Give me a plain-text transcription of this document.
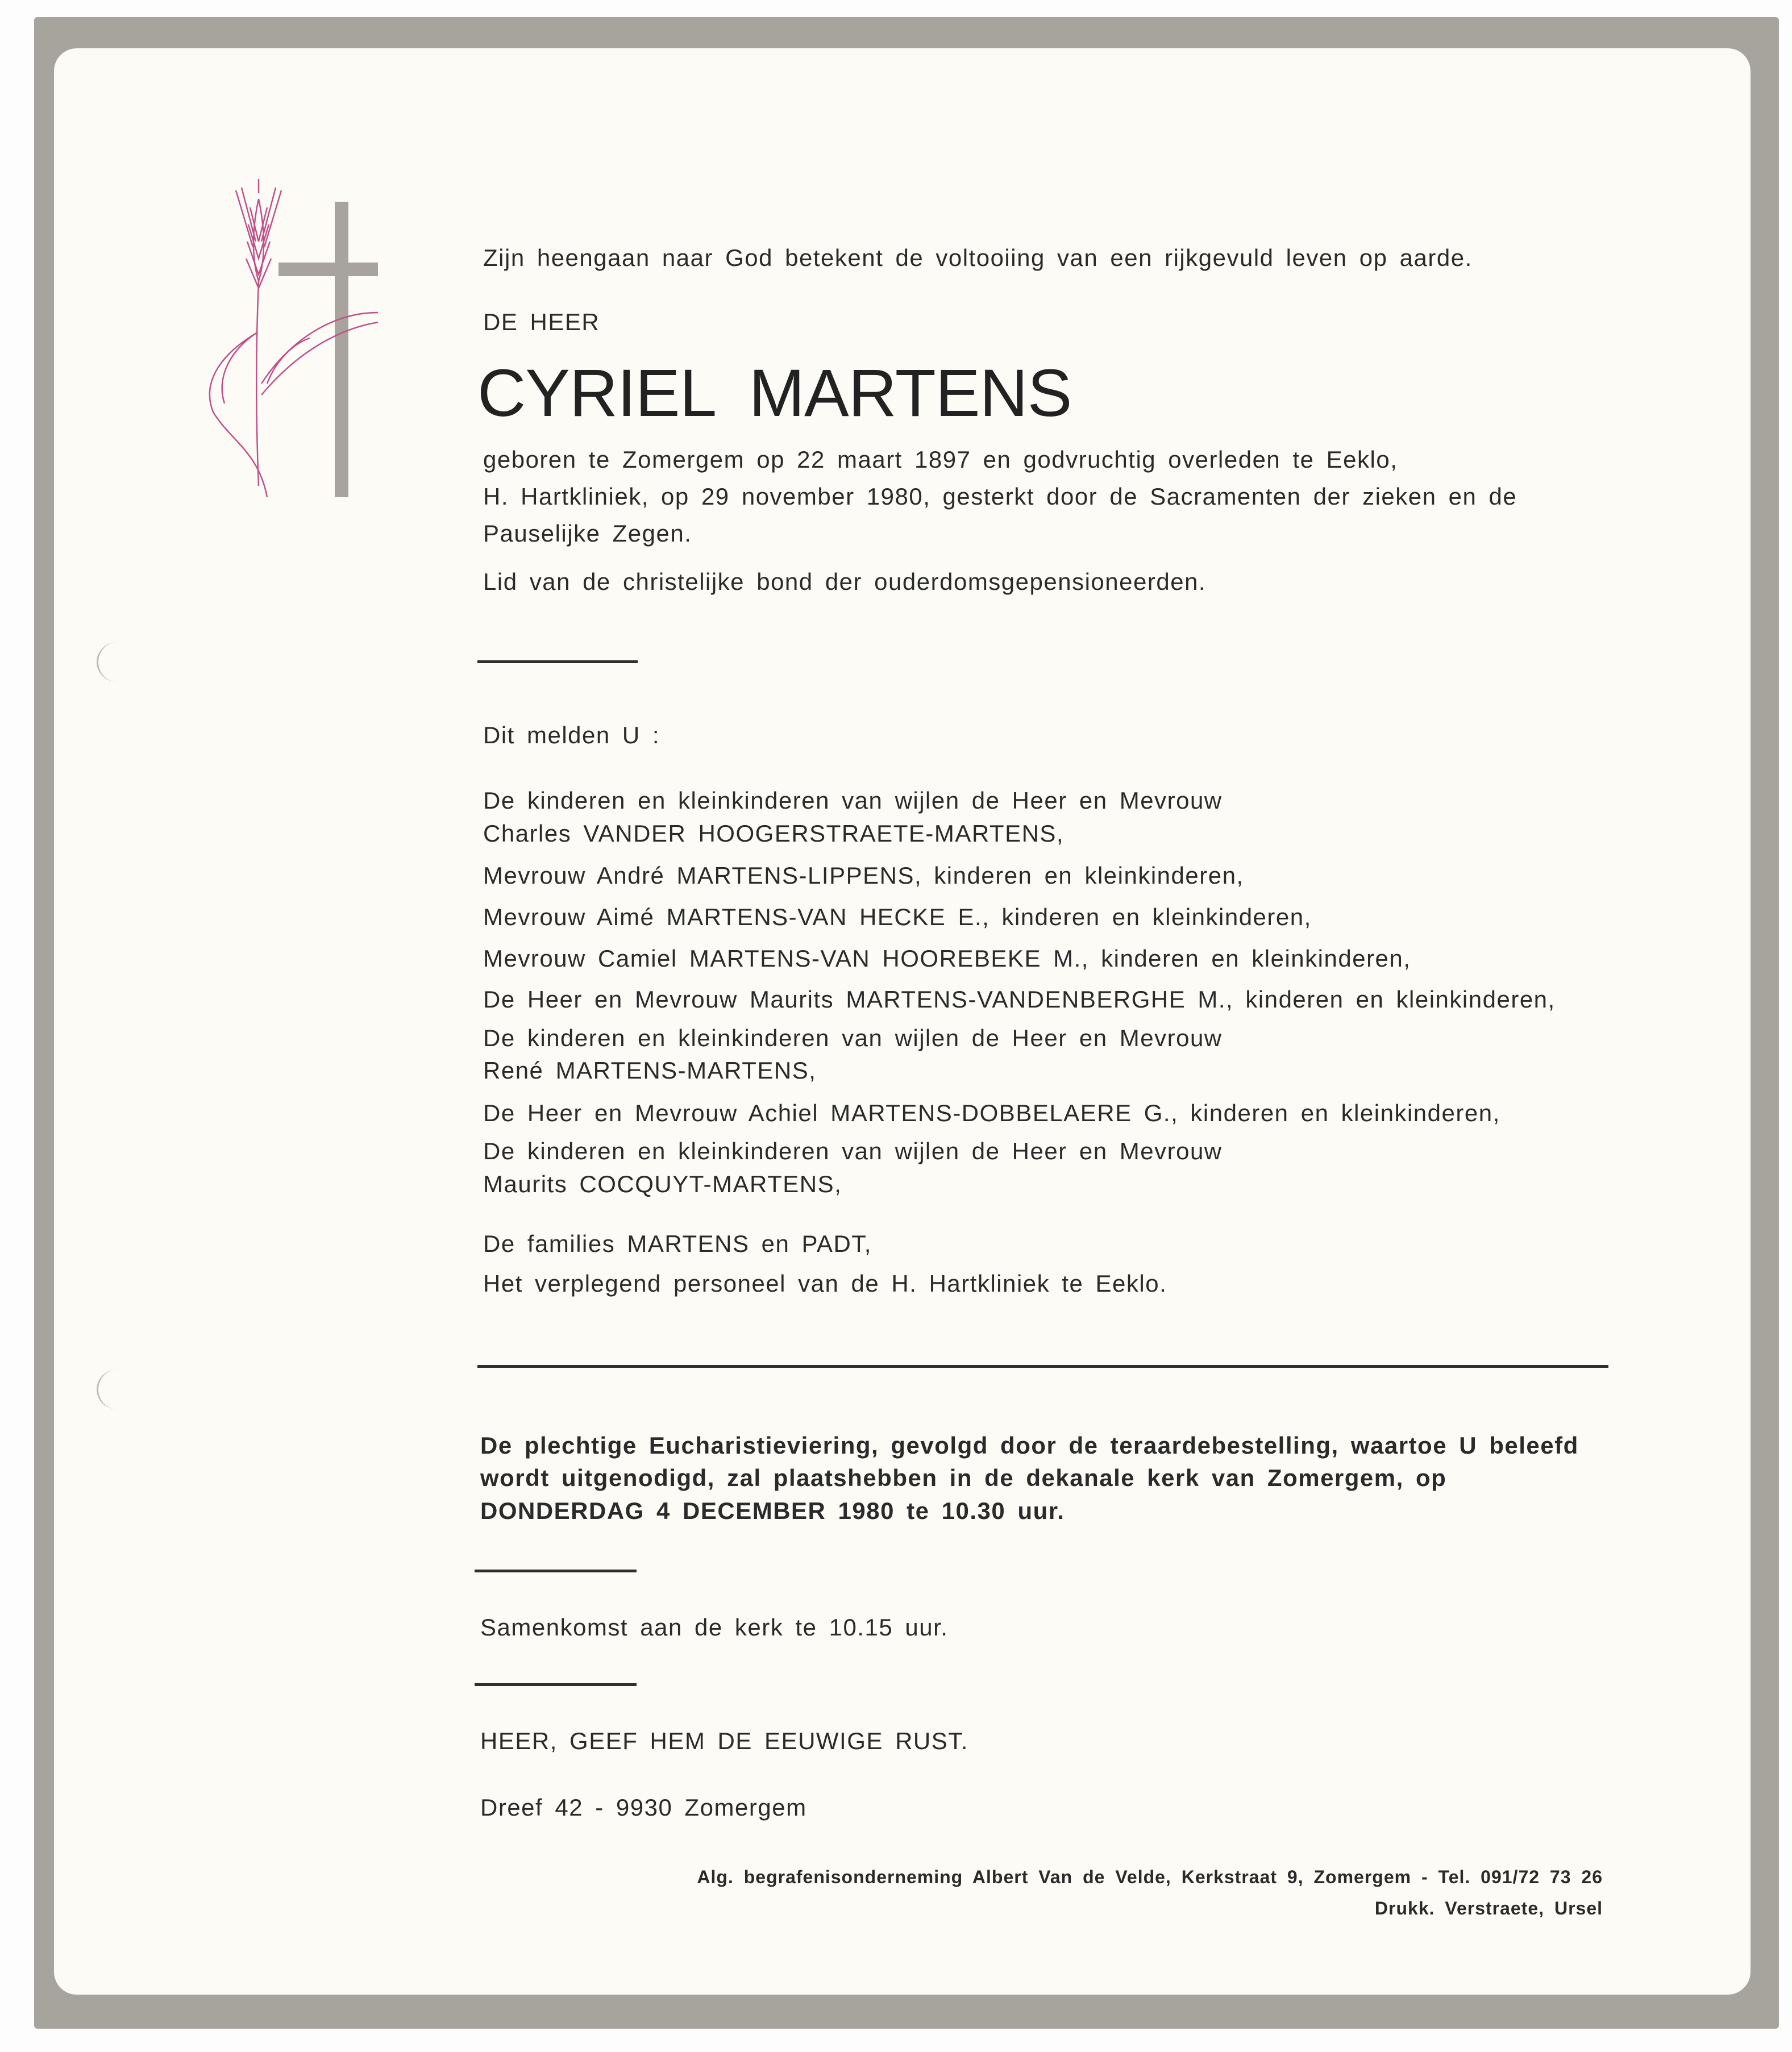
Zijn heengaan naar God betekent de voltooiing van een rijkgevuld leven op aarde.
DE HEER
CYRIEL MARTENS
geboren te Zomergem op 22 maart 1897 en godvruchtig overleden te Eeklo,
H. Hartkliniek, op 29 november 1980, gesterkt door de Sacramenten der zieken en de
Pauselijke Zegen.
Lid van de christelijke bond der ouderdomsgepensioneerden.
Dit melden U :
De kinderen en kleinkinderen van wijlen de Heer en Mevrouw
Charles VANDER HOOGERSTRAETE-MARTENS,
Mevrouw André MARTENS-LIPPENS, kinderen en kleinkinderen,
Mevrouw Aimé MARTENS-VAN HECKE E., kinderen en kleinkinderen,
Mevrouw Camiel MARTENS-VAN HOOREBEKE M., kinderen en kleinkinderen,
De Heer en Mevrouw Maurits MARTENS-VANDENBERGHE M., kinderen en kleinkinderen,
De kinderen en kleinkinderen van wijlen de Heer en Mevrouw
René MARTENS-MARTENS,
De Heer en Mevrouw Achiel MARTENS-DOBBELAERE G., kinderen en kleinkinderen,
De kinderen en kleinkinderen van wijlen de Heer en Mevrouw
Maurits COCQUYT-MARTENS,
De families MARTENS en PADT,
Het verplegend personeel van de H. Hartkliniek te Eeklo.
De plechtige Eucharistieviering, gevolgd door de teraardebestelling, waartoe U beleefd
wordt uitgenodigd, zal plaatshebben in de dekanale kerk van Zomergem, op
DONDERDAG 4 DECEMBER 1980 te 10.30 uur.
Samenkomst aan de kerk te 10.15 uur.
HEER, GEEF HEM DE EEUWIGE RUST.
Dreef 42 - 9930 Zomergem
Alg. begrafenisonderneming Albert Van de Velde, Kerkstraat 9, Zomergem - Tel. 091/72 73 26
Drukk. Verstraete, Ursel
